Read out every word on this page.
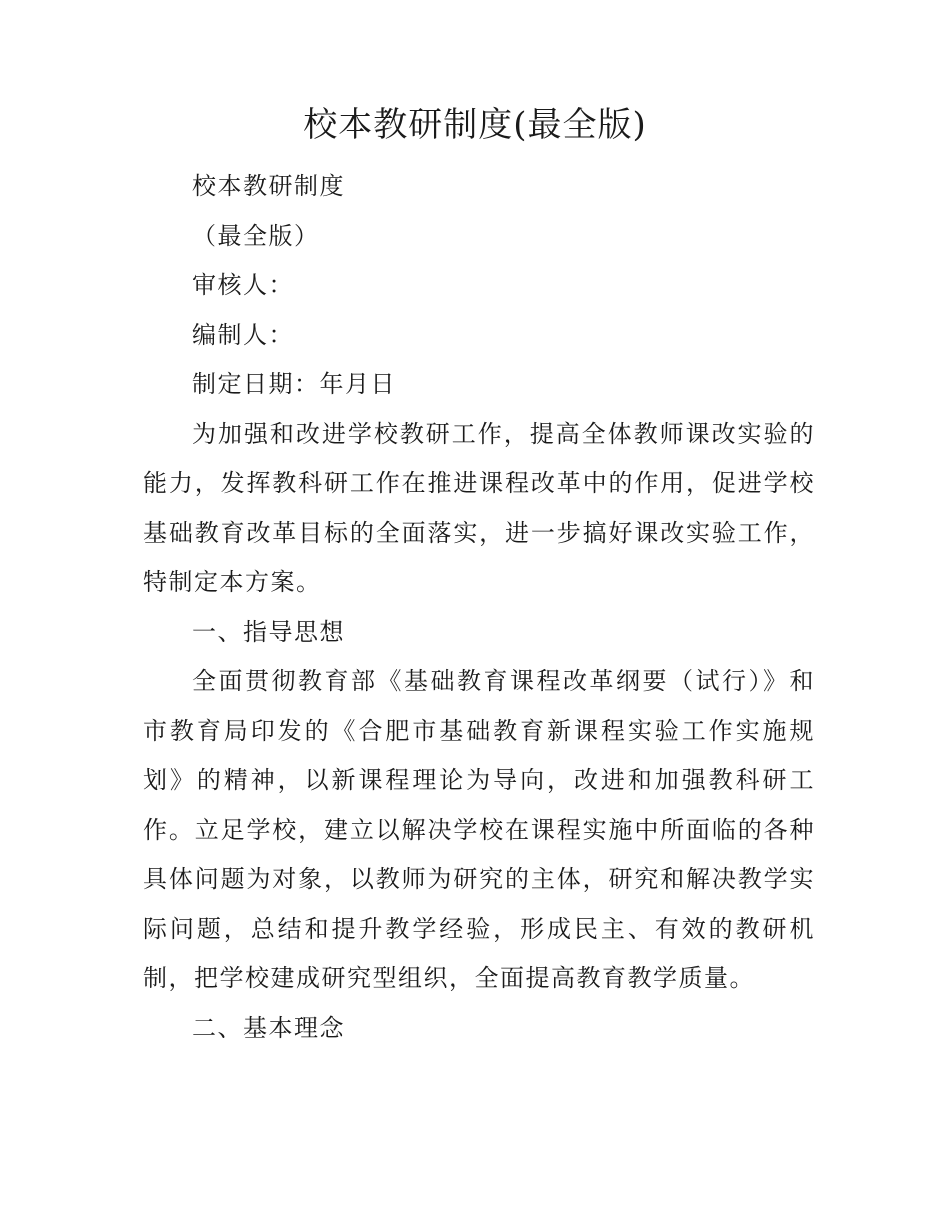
校本教研制度(最全版)

校本教研制度

（最全版）

审核人：

编制人：

制定日期：年月日

为加强和改进学校教研工作，提高全体教师课改实验的能力，发挥教科研工作在推进课程改革中的作用，促进学校基础教育改革目标的全面落实，进一步搞好课改实验工作，特制定本方案。

一、指导思想

全面贯彻教育部《基础教育课程改革纲要（试行）》和市教育局印发的《合肥市基础教育新课程实验工作实施规划》的精神，以新课程理论为导向，改进和加强教科研工作。立足学校，建立以解决学校在课程实施中所面临的各种具体问题为对象，以教师为研究的主体，研究和解决教学实际问题，总结和提升教学经验，形成民主、有效的教研机制，把学校建成研究型组织，全面提高教育教学质量。

二、基本理念
